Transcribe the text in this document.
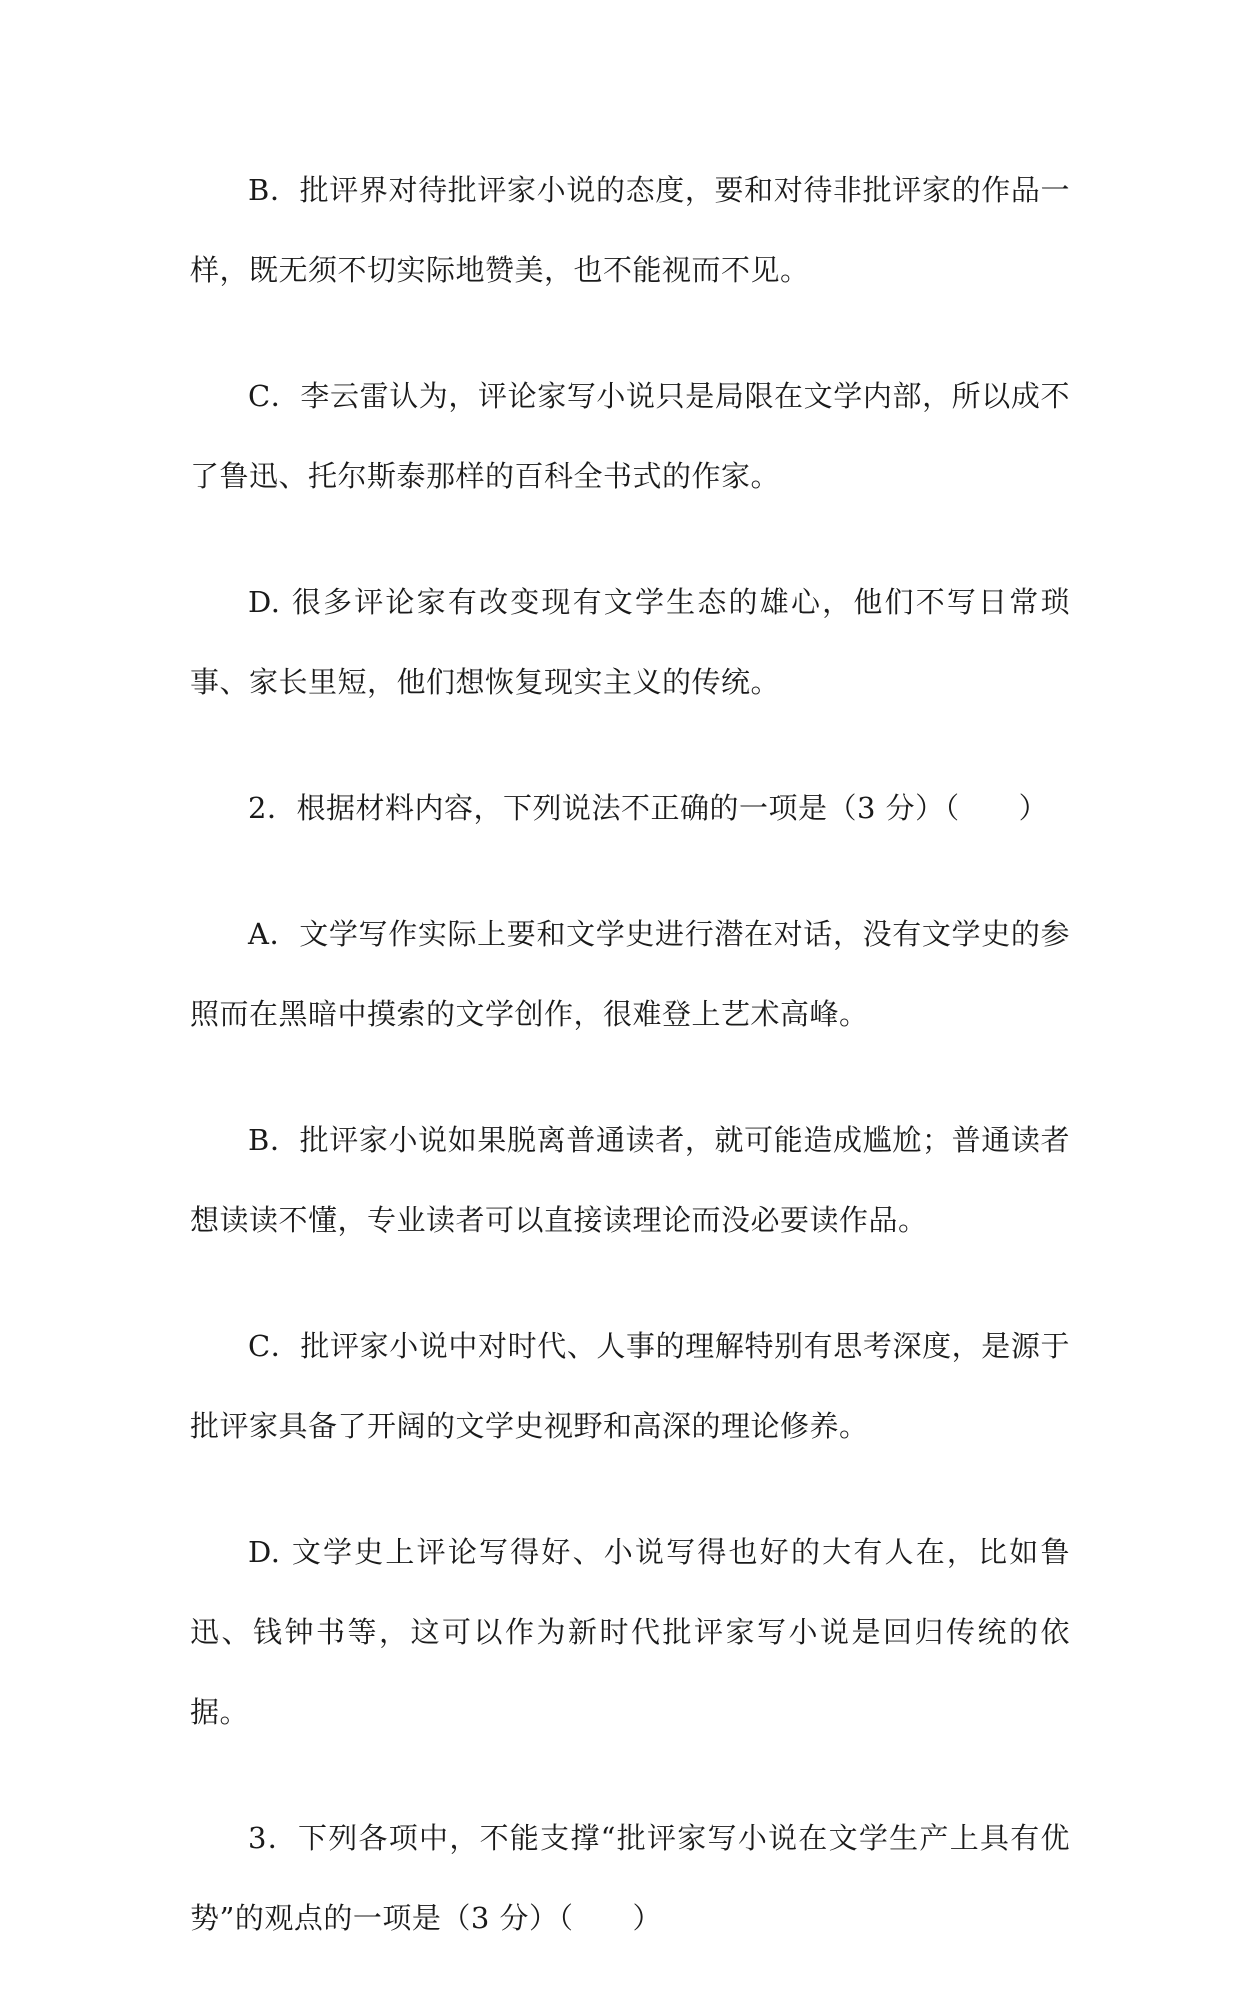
B．批评界对待批评家小说的态度，要和对待非批评家的作品一样，既无须不切实际地赞美，也不能视而不见。

C．李云雷认为，评论家写小说只是局限在文学内部，所以成不了鲁迅、托尔斯泰那样的百科全书式的作家。

D. 很多评论家有改变现有文学生态的雄心，他们不写日常琐事、家长里短，他们想恢复现实主义的传统。

2．根据材料内容，下列说法不正确的一项是（3 分）（　　）

A．文学写作实际上要和文学史进行潜在对话，没有文学史的参照而在黑暗中摸索的文学创作，很难登上艺术高峰。

B．批评家小说如果脱离普通读者，就可能造成尴尬；普通读者想读读不懂，专业读者可以直接读理论而没必要读作品。

C．批评家小说中对时代、人事的理解特别有思考深度，是源于批评家具备了开阔的文学史视野和高深的理论修养。

D. 文学史上评论写得好、小说写得也好的大有人在，比如鲁迅、钱钟书等，这可以作为新时代批评家写小说是回归传统的依据。

3．下列各项中，不能支撑“批评家写小说在文学生产上具有优势”的观点的一项是（3 分）（　　）
